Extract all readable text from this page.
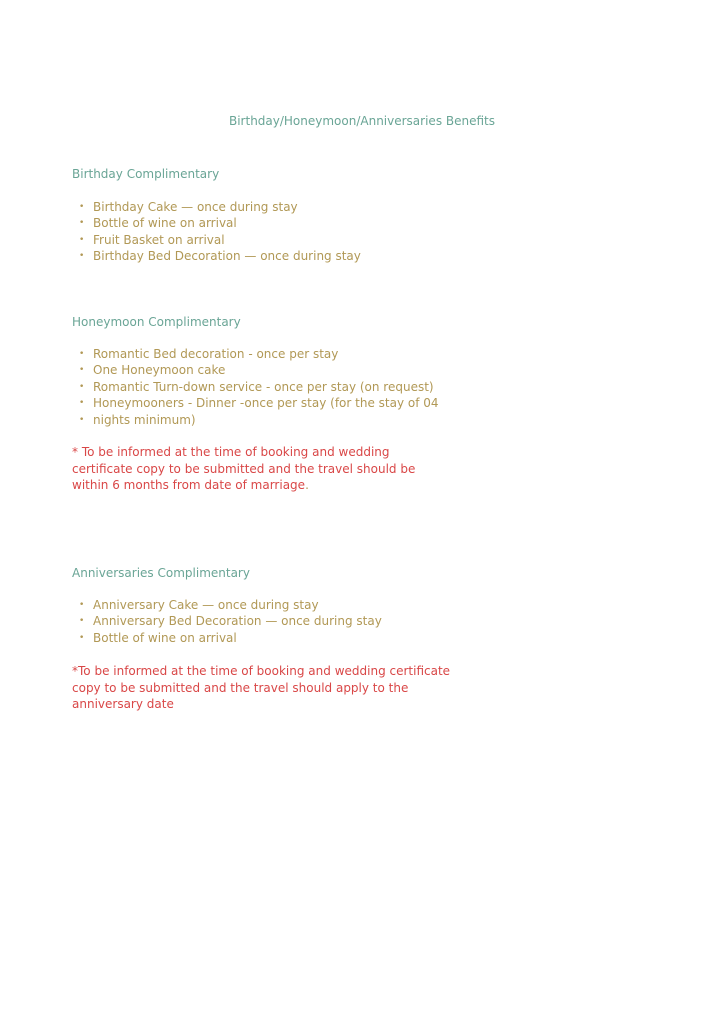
Birthday/Honeymoon/Anniversaries Benefits
Birthday Complimentary
• Birthday Cake — once during stay
• Bottle of wine on arrival
• Fruit Basket on arrival
• Birthday Bed Decoration — once during stay
Honeymoon Complimentary
• Romantic Bed decoration - once per stay
• One Honeymoon cake
• Romantic Turn-down service - once per stay (on request)
• Honeymooners - Dinner -once per stay (for the stay of 04
• nights minimum)

* To be informed at the time of booking and wedding
certificate copy to be submitted and the travel should be
within 6 months from date of marriage.

Anniversaries Complimentary
• Anniversary Cake — once during stay
• Anniversary Bed Decoration — once during stay
• Bottle of wine on arrival

*To be informed at the time of booking and wedding certificate
copy to be submitted and the travel should apply to the
anniversary date
